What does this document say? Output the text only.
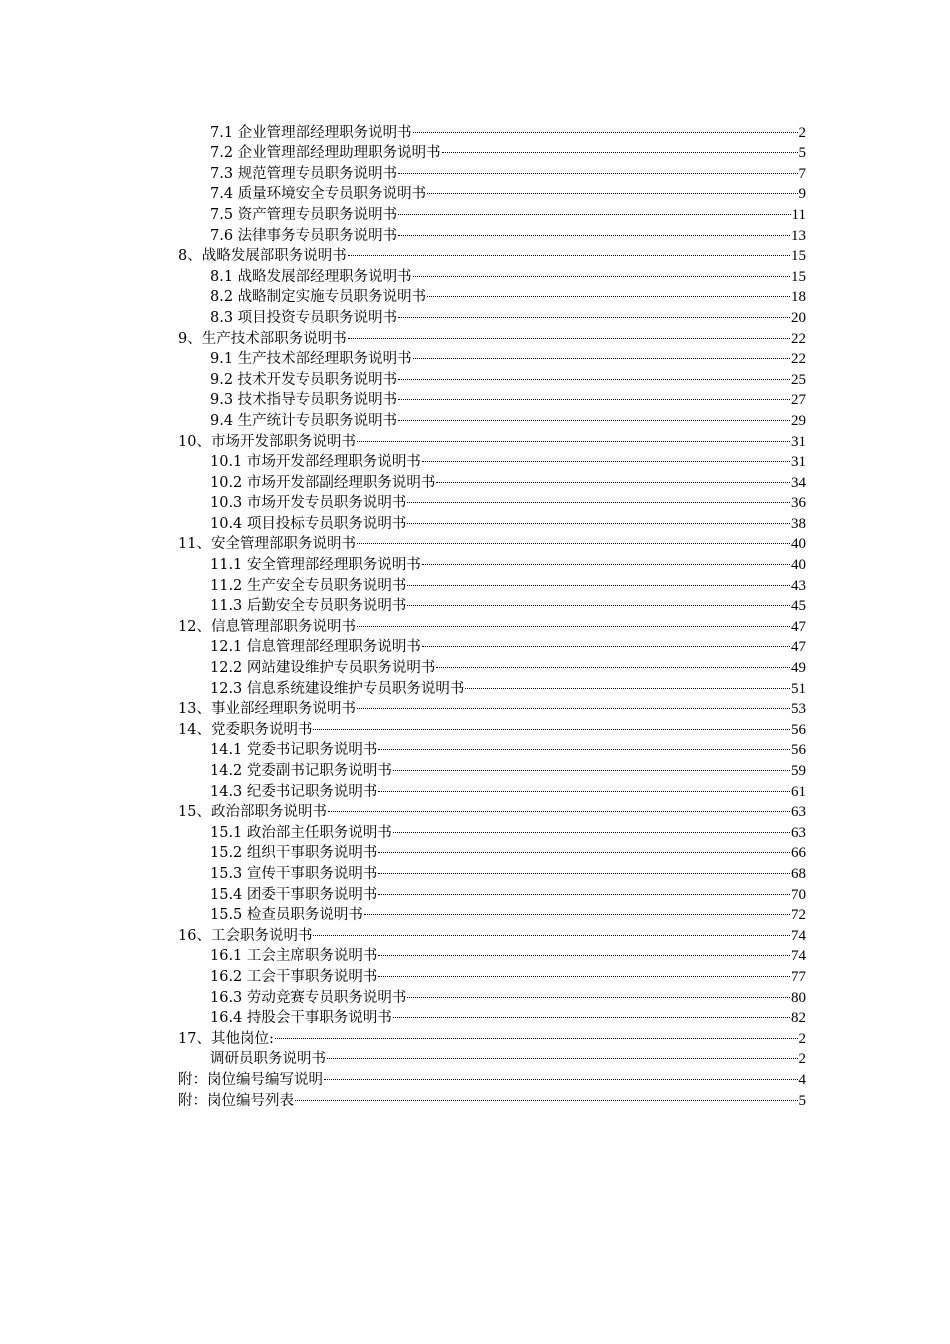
7.1 企业管理部经理职务说明书	2
7.2 企业管理部经理助理职务说明书	5
7.3 规范管理专员职务说明书	7
7.4 质量环境安全专员职务说明书	9
7.5 资产管理专员职务说明书	11
7.6 法律事务专员职务说明书	13
8、战略发展部职务说明书	15
8.1 战略发展部经理职务说明书	15
8.2 战略制定实施专员职务说明书	18
8.3 项目投资专员职务说明书	20
9、生产技术部职务说明书	22
9.1 生产技术部经理职务说明书	22
9.2 技术开发专员职务说明书	25
9.3 技术指导专员职务说明书	27
9.4 生产统计专员职务说明书	29
10、市场开发部职务说明书	31
10.1 市场开发部经理职务说明书	31
10.2 市场开发部副经理职务说明书	34
10.3 市场开发专员职务说明书	36
10.4 项目投标专员职务说明书	38
11、安全管理部职务说明书	40
11.1 安全管理部经理职务说明书	40
11.2 生产安全专员职务说明书	43
11.3 后勤安全专员职务说明书	45
12、信息管理部职务说明书	47
12.1 信息管理部经理职务说明书	47
12.2 网站建设维护专员职务说明书	49
12.3 信息系统建设维护专员职务说明书	51
13、事业部经理职务说明书	53
14、党委职务说明书	56
14.1 党委书记职务说明书	56
14.2 党委副书记职务说明书	59
14.3 纪委书记职务说明书	61
15、政治部职务说明书	63
15.1 政治部主任职务说明书	63
15.2 组织干事职务说明书	66
15.3 宣传干事职务说明书	68
15.4 团委干事职务说明书	70
15.5 检查员职务说明书	72
16、工会职务说明书	74
16.1 工会主席职务说明书	74
16.2 工会干事职务说明书	77
16.3 劳动竞赛专员职务说明书	80
16.4 持股会干事职务说明书	82
17、其他岗位:	2
调研员职务说明书	2
附：岗位编号编写说明	4
附：岗位编号列表	5
